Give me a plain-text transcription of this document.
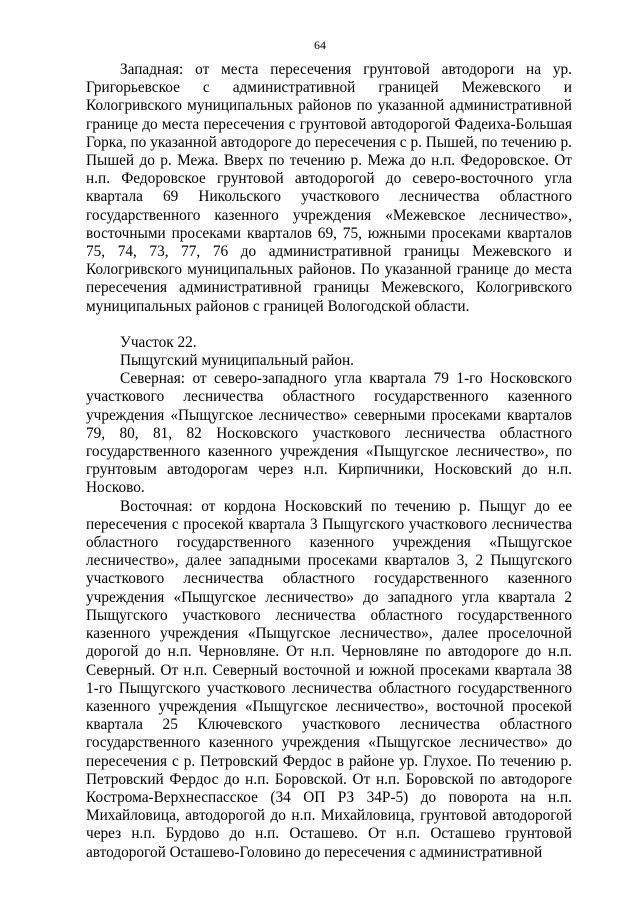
64

Западная: от места пересечения грунтовой автодороги на ур. Григорьевское с административной границей Межевского и Кологривского муниципальных районов по указанной административной границе до места пересечения с грунтовой автодорогой Фадеиха-Большая Горка, по указанной автодороге до пересечения с р. Пышей, по течению р. Пышей до р. Межа. Вверх по течению р. Межа до н.п. Федоровское. От н.п. Федоровское грунтовой автодорогой до северо-восточного угла квартала 69 Никольского участкового лесничества областного государственного казенного учреждения «Межевское лесничество», восточными просеками кварталов 69, 75, южными просеками кварталов 75, 74, 73, 77, 76 до административной границы Межевского и Кологривского муниципальных районов. По указанной границе до места пересечения административной границы Межевского, Кологривского муниципальных районов с границей Вологодской области.

Участок 22.

Пыщугский муниципальный район.

Северная: от северо-западного угла квартала 79 1-го Носковского участкового лесничества областного государственного казенного учреждения «Пыщугское лесничество» северными просеками кварталов 79, 80, 81, 82 Носковского участкового лесничества областного государственного казенного учреждения «Пыщугское лесничество», по грунтовым автодорогам через н.п. Кирпичники, Носковский до н.п. Носково.

Восточная: от кордона Носковский по течению р. Пыщуг до ее пересечения с просекой квартала 3 Пыщугского участкового лесничества областного государственного казенного учреждения «Пыщугское лесничество», далее западными просеками кварталов 3, 2 Пыщугского участкового лесничества областного государственного казенного учреждения «Пыщугское лесничество» до западного угла квартала 2 Пыщугского участкового лесничества областного государственного казенного учреждения «Пыщугское лесничество», далее проселочной дорогой до н.п. Черновляне. От н.п. Черновляне по автодороге до н.п. Северный. От н.п. Северный восточной и южной просеками квартала 38 1-го Пыщугского участкового лесничества областного государственного казенного учреждения «Пыщугское лесничество», восточной просекой квартала 25 Ключевского участкового лесничества областного государственного казенного учреждения «Пыщугское лесничество» до пересечения с р. Петровский Фердос в районе ур. Глухое. По течению р. Петровский Фердос до н.п. Боровской. От н.п. Боровской по автодороге Кострома-Верхнеспасское (34 ОП РЗ 34Р-5) до поворота на н.п. Михайловица, автодорогой до н.п. Михайловица, грунтовой автодорогой через н.п. Бурдово до н.п. Осташево. От н.п. Осташево грунтовой автодорогой Осташево-Головино до пересечения с административной
